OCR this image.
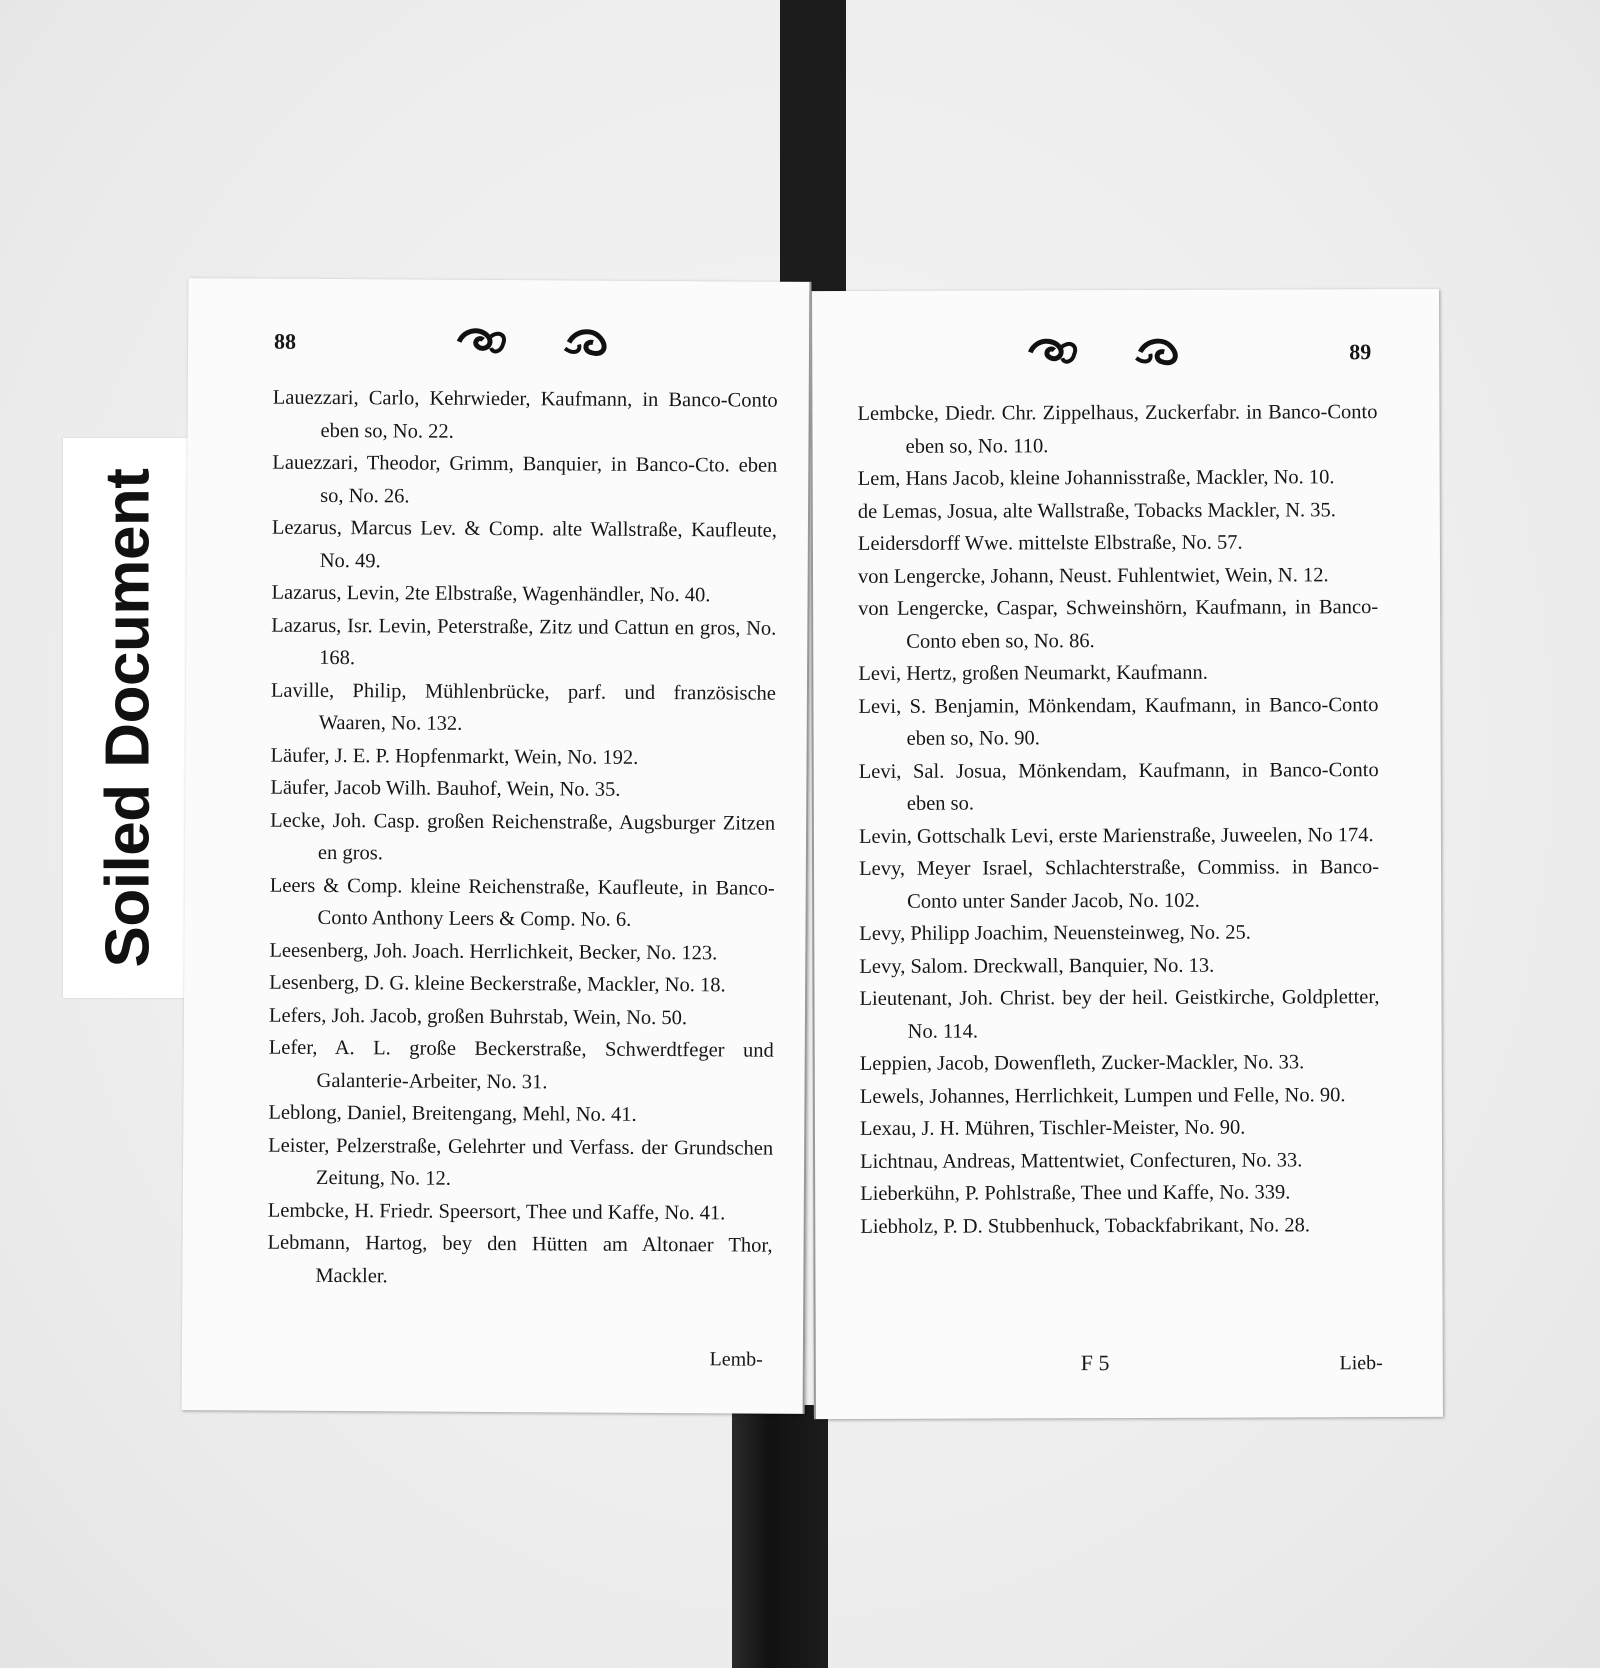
Soiled Document
88
Lauezzari, Carlo, Kehrwieder, Kaufmann, in Banco-Conto eben so, No. 22.
Lauezzari, Theodor, Grimm, Banquier, in Banco-Cto. eben so, No. 26.
Lezarus, Marcus Lev. & Comp. alte Wallstraße, Kaufleute, No. 49.
Lazarus, Levin, 2te Elbstraße, Wagenhändler, No. 40.
Lazarus, Isr. Levin, Peterstraße, Zitz und Cattun en gros, No. 168.
Laville, Philip, Mühlenbrücke, parf. und französische Waaren, No. 132.
Läufer, J. E. P. Hopfenmarkt, Wein, No. 192.
Läufer, Jacob Wilh. Bauhof, Wein, No. 35.
Lecke, Joh. Casp. großen Reichenstraße, Augsburger Zitzen en gros.
Leers & Comp. kleine Reichenstraße, Kaufleute, in Banco-Conto Anthony Leers & Comp. No. 6.
Leesenberg, Joh. Joach. Herrlichkeit, Becker, No. 123.
Lesenberg, D. G. kleine Beckerstraße, Mackler, No. 18.
Lefers, Joh. Jacob, großen Buhrstab, Wein, No. 50.
Lefer, A. L. große Beckerstraße, Schwerdtfeger und Galanterie-Arbeiter, No. 31.
Leblong, Daniel, Breitengang, Mehl, No. 41.
Leister, Pelzerstraße, Gelehrter und Verfass. der Grundschen Zeitung, No. 12.
Lembcke, H. Friedr. Speersort, Thee und Kaffe, No. 41.
Lebmann, Hartog, bey den Hütten am Altonaer Thor, Mackler.
Lemb-
89
Lembcke, Diedr. Chr. Zippelhaus, Zuckerfabr. in Banco-Conto eben so, No. 110.
Lem, Hans Jacob, kleine Johannisstraße, Mackler, No. 10.
de Lemas, Josua, alte Wallstraße, Tobacks Mackler, N. 35.
Leidersdorff Wwe. mittelste Elbstraße, No. 57.
von Lengercke, Johann, Neust. Fuhlentwiet, Wein, N. 12.
von Lengercke, Caspar, Schweinshörn, Kaufmann, in Banco-Conto eben so, No. 86.
Levi, Hertz, großen Neumarkt, Kaufmann.
Levi, S. Benjamin, Mönkendam, Kaufmann, in Banco-Conto eben so, No. 90.
Levi, Sal. Josua, Mönkendam, Kaufmann, in Banco-Conto eben so.
Levin, Gottschalk Levi, erste Marienstraße, Juweelen, No 174.
Levy, Meyer Israel, Schlachterstraße, Commiss. in Banco-Conto unter Sander Jacob, No. 102.
Levy, Philipp Joachim, Neuensteinweg, No. 25.
Levy, Salom. Dreckwall, Banquier, No. 13.
Lieutenant, Joh. Christ. bey der heil. Geistkirche, Goldpletter, No. 114.
Leppien, Jacob, Dowenfleth, Zucker-Mackler, No. 33.
Lewels, Johannes, Herrlichkeit, Lumpen und Felle, No. 90.
Lexau, J. H. Mühren, Tischler-Meister, No. 90.
Lichtnau, Andreas, Mattentwiet, Confecturen, No. 33.
Lieberkühn, P. Pohlstraße, Thee und Kaffe, No. 339.
Liebholz, P. D. Stubbenhuck, Tobackfabrikant, No. 28.
F 5	Lieb-
